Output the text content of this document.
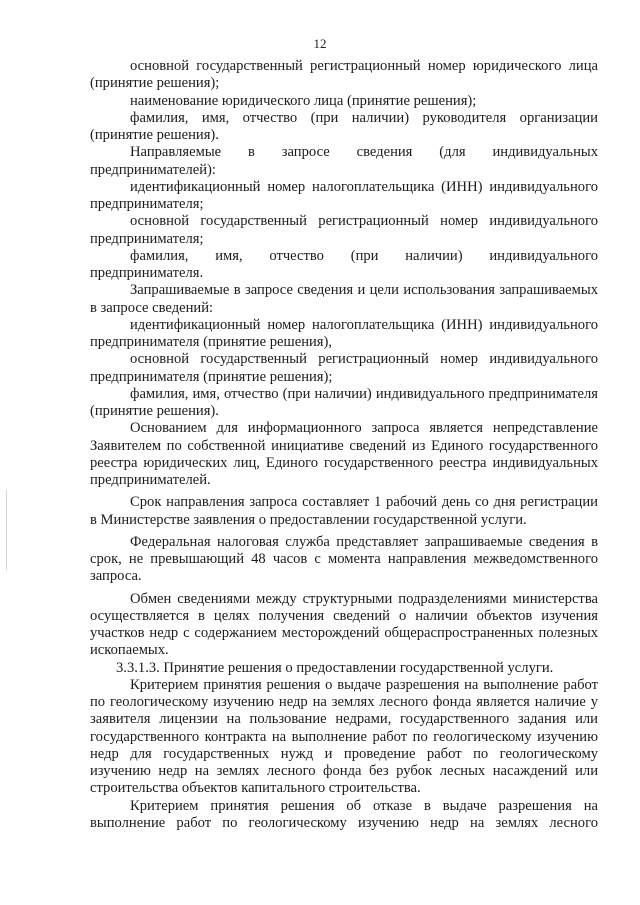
12

основной государственный регистрационный номер юридического лица (принятие решения);

наименование юридического лица (принятие решения);

фамилия, имя, отчество (при наличии) руководителя организации (принятие решения).

Направляемые в запросе сведения (для индивидуальных предпринимателей):

идентификационный номер налогоплательщика (ИНН) индивидуального предпринимателя;

основной государственный регистрационный номер индивидуального предпринимателя;

фамилия, имя, отчество (при наличии) индивидуального предпринимателя.

Запрашиваемые в запросе сведения и цели использования запрашиваемых в запросе сведений:

идентификационный номер налогоплательщика (ИНН) индивидуального предпринимателя (принятие решения),

основной государственный регистрационный номер индивидуального предпринимателя (принятие решения);

фамилия, имя, отчество (при наличии) индивидуального предпринимателя (принятие решения).

Основанием для информационного запроса является непредставление Заявителем по собственной инициативе сведений из Единого государственного реестра юридических лиц, Единого государственного реестра индивидуальных предпринимателей.

Срок направления запроса составляет 1 рабочий день со дня регистрации в Министерстве заявления о предоставлении государственной услуги.

Федеральная налоговая служба представляет запрашиваемые сведения в срок, не превышающий 48 часов с момента направления межведомственного запроса.

Обмен сведениями между структурными подразделениями министерства осуществляется в целях получения сведений о наличии объектов изучения участков недр с содержанием месторождений общераспространенных полезных ископаемых.

3.3.1.3. Принятие решения о предоставлении государственной услуги.

Критерием принятия решения о выдаче разрешения на выполнение работ по геологическому изучению недр на землях лесного фонда является наличие у заявителя лицензии на пользование недрами, государственного задания или государственного контракта на выполнение работ по геологическому изучению недр для государственных нужд и проведение работ по геологическому изучению недр на землях лесного фонда без рубок лесных насаждений или строительства объектов капитального строительства.

Критерием принятия решения об отказе в выдаче разрешения на выполнение работ по геологическому изучению недр на землях лесного
